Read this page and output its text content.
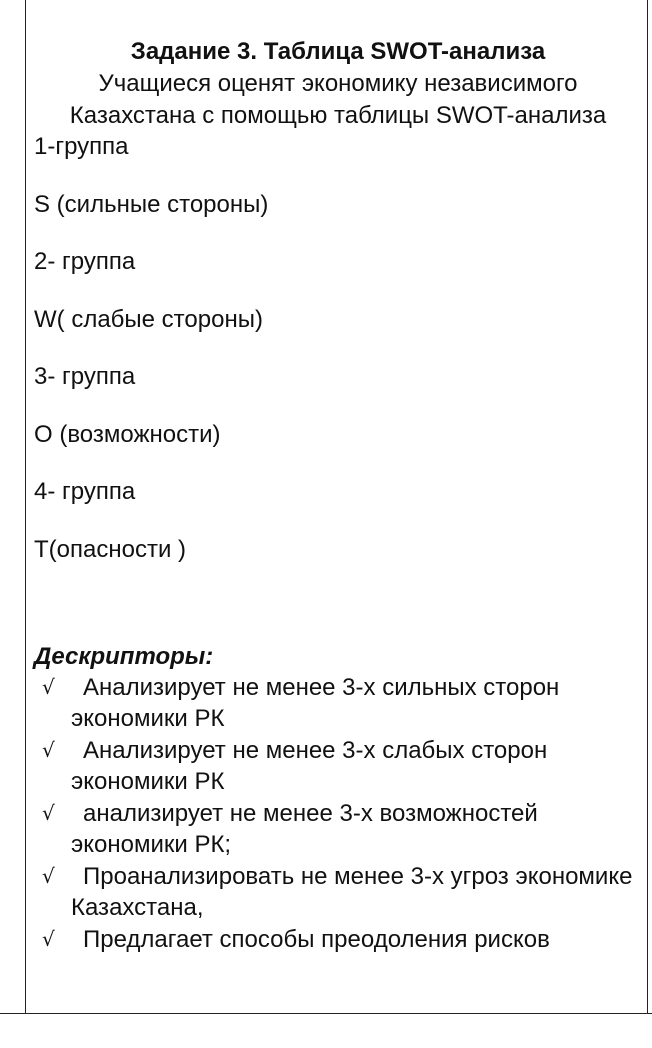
Задание 3. Таблица SWOT-анализа
Учащиеся оценят экономику независимого Казахстана с помощью таблицы SWOT-анализа
1-группа
S (сильные стороны)
2- группа
W( слабые стороны)
3- группа
O (возможности)
4- группа
T(опасности )
Дескрипторы:
√ Анализирует не менее 3-х сильных сторон экономики РК
√ Анализирует не менее 3-х слабых сторон экономики РК
√ анализирует не менее 3-х возможностей экономики РК;
√ Проанализировать не менее 3-х угроз экономике Казахстана,
√ Предлагает способы преодоления рисков
